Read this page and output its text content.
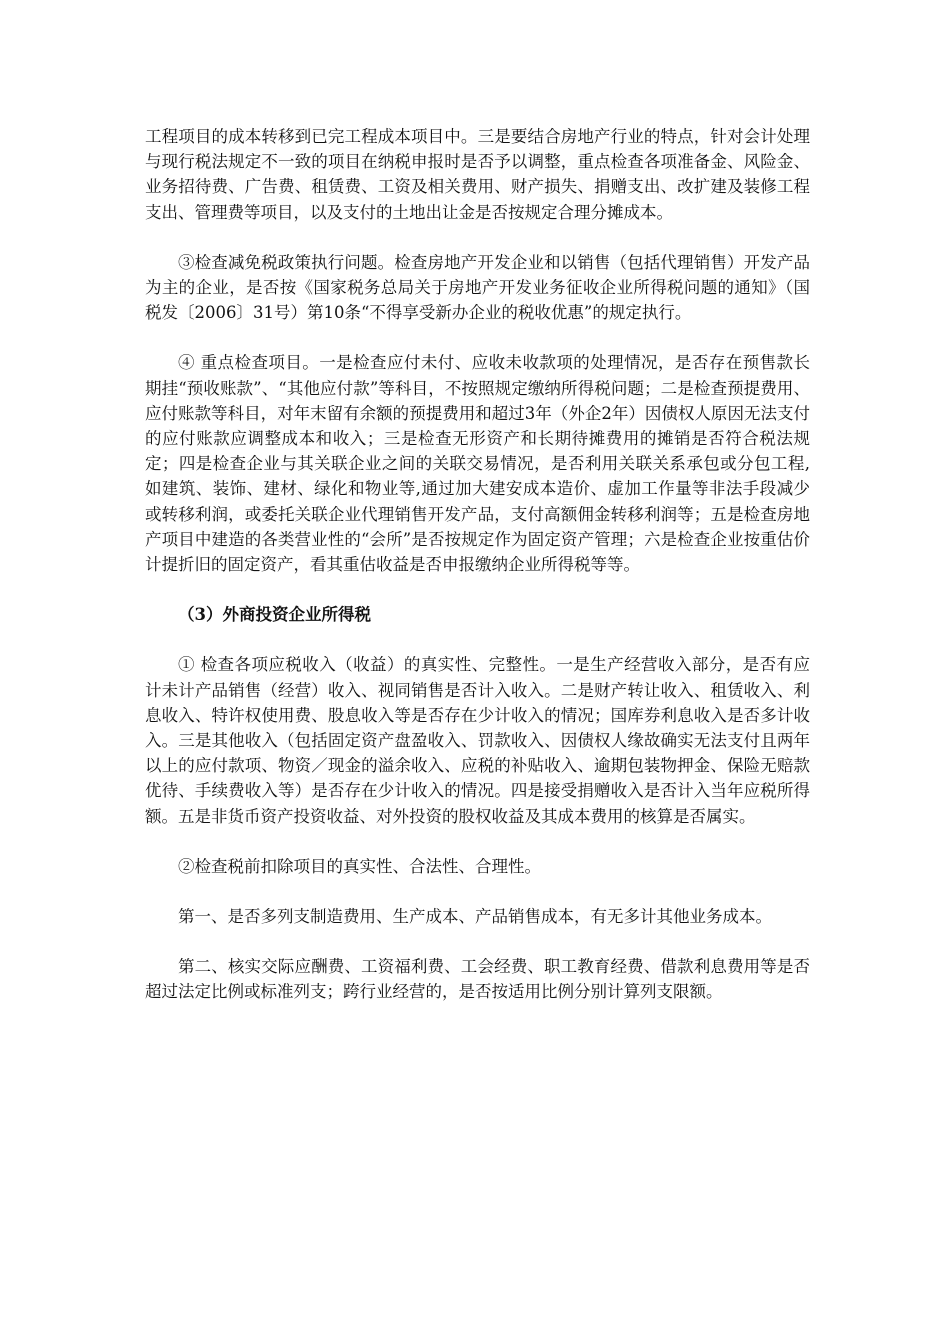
工程项目的成本转移到已完工程成本项目中。三是要结合房地产行业的特点，针对会计处理与现行税法规定不一致的项目在纳税申报时是否予以调整，重点检查各项准备金、风险金、业务招待费、广告费、租赁费、工资及相关费用、财产损失、捐赠支出、改扩建及装修工程支出、管理费等项目，以及支付的土地出让金是否按规定合理分摊成本。

③检查减免税政策执行问题。检查房地产开发企业和以销售（包括代理销售）开发产品为主的企业，是否按《国家税务总局关于房地产开发业务征收企业所得税问题的通知》（国税发〔2006〕31号）第10条“不得享受新办企业的税收优惠”的规定执行。

④ 重点检查项目。一是检查应付未付、应收未收款项的处理情况，是否存在预售款长期挂“预收账款”、“其他应付款”等科目，不按照规定缴纳所得税问题；二是检查预提费用、应付账款等科目，对年末留有余额的预提费用和超过3年（外企2年）因债权人原因无法支付的应付账款应调整成本和收入；三是检查无形资产和长期待摊费用的摊销是否符合税法规定；四是检查企业与其关联企业之间的关联交易情况，是否利用关联关系承包或分包工程,如建筑、装饰、建材、绿化和物业等,通过加大建安成本造价、虚加工作量等非法手段减少或转移利润，或委托关联企业代理销售开发产品，支付高额佣金转移利润等；五是检查房地产项目中建造的各类营业性的“会所”是否按规定作为固定资产管理；六是检查企业按重估价计提折旧的固定资产，看其重估收益是否申报缴纳企业所得税等等。

（3）外商投资企业所得税

① 检查各项应税收入（收益）的真实性、完整性。一是生产经营收入部分，是否有应计未计产品销售（经营）收入、视同销售是否计入收入。二是财产转让收入、租赁收入、利息收入、特许权使用费、股息收入等是否存在少计收入的情况；国库券利息收入是否多计收入。三是其他收入（包括固定资产盘盈收入、罚款收入、因债权人缘故确实无法支付且两年以上的应付款项、物资／现金的溢余收入、应税的补贴收入、逾期包装物押金、保险无赔款优待、手续费收入等）是否存在少计收入的情况。四是接受捐赠收入是否计入当年应税所得额。五是非货币资产投资收益、对外投资的股权收益及其成本费用的核算是否属实。

②检查税前扣除项目的真实性、合法性、合理性。

第一、是否多列支制造费用、生产成本、产品销售成本，有无多计其他业务成本。

第二、核实交际应酬费、工资福利费、工会经费、职工教育经费、借款利息费用等是否超过法定比例或标准列支；跨行业经营的，是否按适用比例分别计算列支限额。
